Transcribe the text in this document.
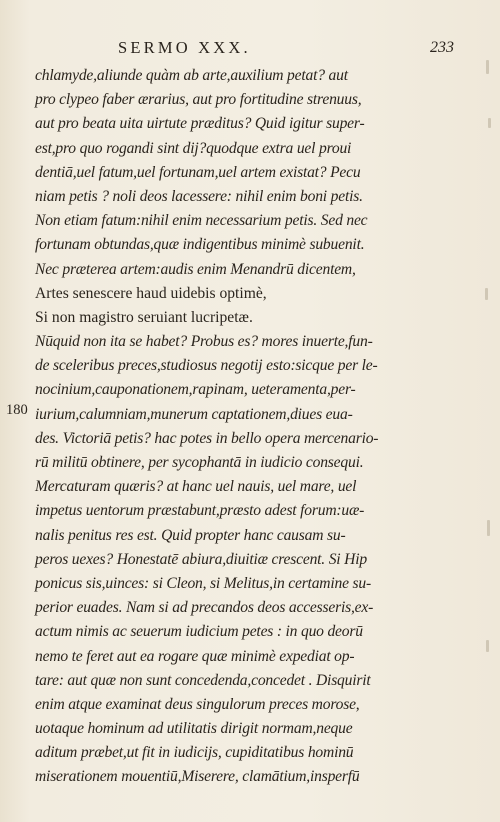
SERMO XXX.	233
180
chlamyde,aliunde quàm ab arte,auxilium petat? aut
pro clypeo faber ærarius, aut pro fortitudine strenuus,
aut pro beata uita uirtute præditus? Quid igitur super-
est,pro quo rogandi sint dij?quodque extra uel proui
dentiā,uel fatum,uel fortunam,uel artem existat? Pecu
niam petis ? noli deos lacessere: nihil enim boni petis.
Non etiam fatum:nihil enim necessarium petis. Sed nec
fortunam obtundas,quæ indigentibus minimè subuenit.
Nec præterea artem:audis enim Menandrū dicentem,
Artes senescere haud uidebis optimè,
Si non magistro seruiant lucripetæ.
Nūquid non ita se habet? Probus es? mores inuerte,fun-
de sceleribus preces,studiosus negotij esto:sicque per le-
nocinium,cauponationem,rapinam, ueteramenta,per-
iurium,calumniam,munerum captationem,diues eua-
des. Victoriā petis? hac potes in bello opera mercenario-
rū militū obtinere, per sycophantā in iudicio consequi.
Mercaturam quæris? at hanc uel nauis, uel mare, uel
impetus uentorum præstabunt,præsto adest forum:uæ-
nalis penitus res est. Quid propter hanc causam su-
peros uexes? Honestatē abiura,diuitiæ crescent. Si Hip
ponicus sis,uinces: si Cleon, si Melitus,in certamine su-
perior euades. Nam si ad precandos deos accesseris,ex-
actum nimis ac seuerum iudicium petes : in quo deorū
nemo te feret aut ea rogare quæ minimè expediat op-
tare: aut quæ non sunt concedenda,concedet . Disquirit
enim atque examinat deus singulorum preces morose,
uotaque hominum ad utilitatis dirigit normam,neque
aditum præbet,ut fit in iudicijs, cupiditatibus hominū
miserationem mouentiū,Miserere, clamātium,insperfū
